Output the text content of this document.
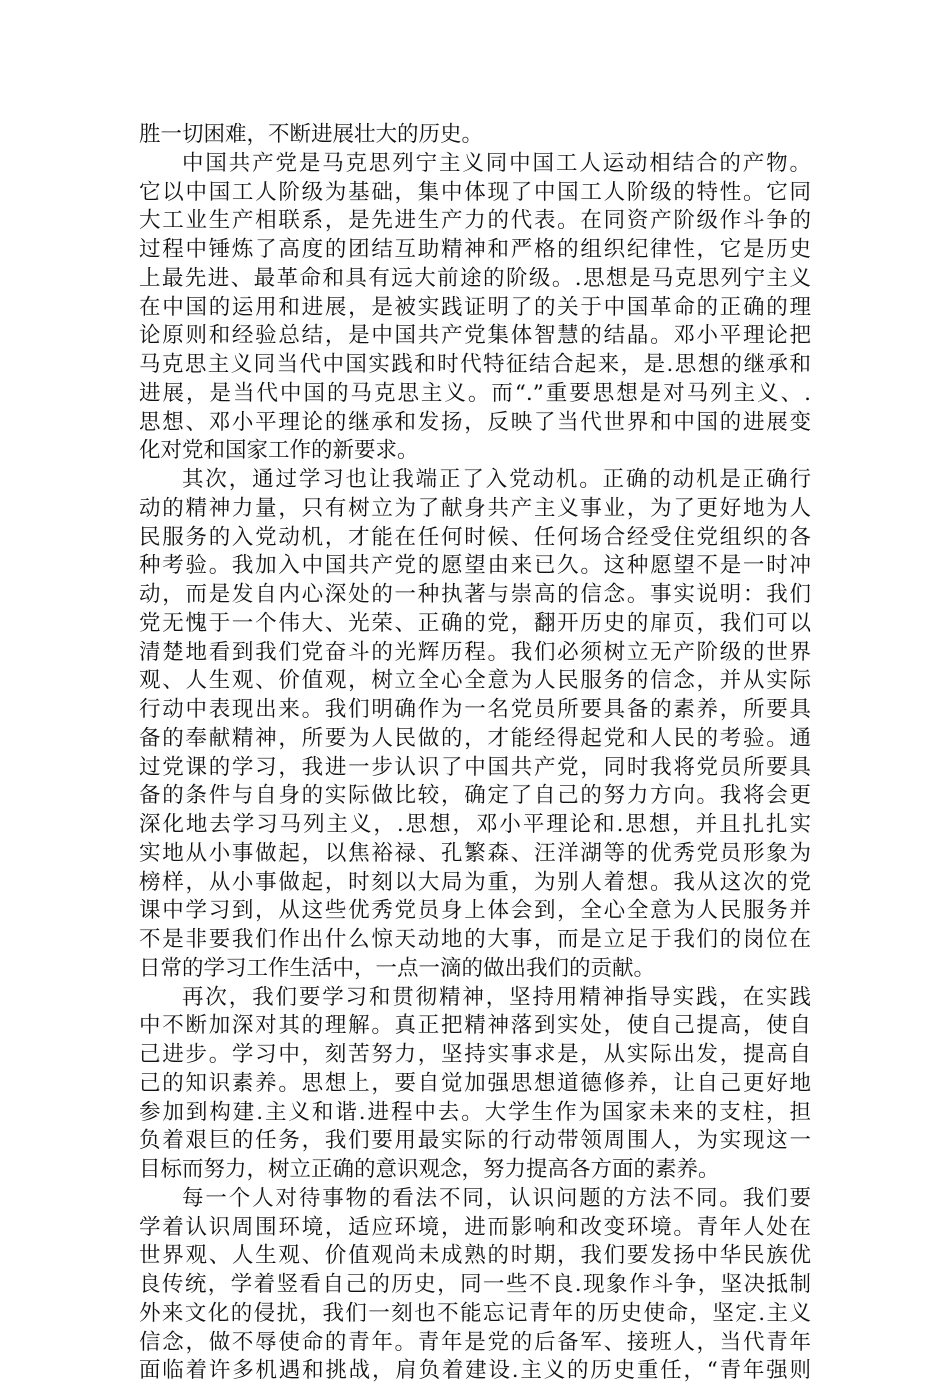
胜一切困难，不断进展壮大的历史。
中国共产党是马克思列宁主义同中国工人运动相结合的产物。
它以中国工人阶级为基础，集中体现了中国工人阶级的特性。它同
大工业生产相联系，是先进生产力的代表。在同资产阶级作斗争的
过程中锤炼了高度的团结互助精神和严格的组织纪律性，它是历史
上最先进、最革命和具有远大前途的阶级。.思想是马克思列宁主义
在中国的运用和进展，是被实践证明了的关于中国革命的正确的理
论原则和经验总结，是中国共产党集体智慧的结晶。邓小平理论把
马克思主义同当代中国实践和时代特征结合起来，是.思想的继承和
进展，是当代中国的马克思主义。而“.”重要思想是对马列主义、.
思想、邓小平理论的继承和发扬，反映了当代世界和中国的进展变
化对党和国家工作的新要求。
其次，通过学习也让我端正了入党动机。正确的动机是正确行
动的精神力量，只有树立为了献身共产主义事业，为了更好地为人
民服务的入党动机，才能在任何时候、任何场合经受住党组织的各
种考验。我加入中国共产党的愿望由来已久。这种愿望不是一时冲
动，而是发自内心深处的一种执著与崇高的信念。事实说明：我们
党无愧于一个伟大、光荣、正确的党，翻开历史的扉页，我们可以
清楚地看到我们党奋斗的光辉历程。我们必须树立无产阶级的世界
观、人生观、价值观，树立全心全意为人民服务的信念，并从实际
行动中表现出来。我们明确作为一名党员所要具备的素养，所要具
备的奉献精神，所要为人民做的，才能经得起党和人民的考验。通
过党课的学习，我进一步认识了中国共产党，同时我将党员所要具
备的条件与自身的实际做比较，确定了自己的努力方向。我将会更
深化地去学习马列主义，.思想，邓小平理论和.思想，并且扎扎实
实地从小事做起，以焦裕禄、孔繁森、汪洋湖等的优秀党员形象为
榜样，从小事做起，时刻以大局为重，为别人着想。我从这次的党
课中学习到，从这些优秀党员身上体会到，全心全意为人民服务并
不是非要我们作出什么惊天动地的大事，而是立足于我们的岗位在
日常的学习工作生活中，一点一滴的做出我们的贡献。
再次，我们要学习和贯彻精神，坚持用精神指导实践，在实践
中不断加深对其的理解。真正把精神落到实处，使自己提高，使自
己进步。学习中，刻苦努力，坚持实事求是，从实际出发，提高自
己的知识素养。思想上，要自觉加强思想道德修养，让自己更好地
参加到构建.主义和谐.进程中去。大学生作为国家未来的支柱，担
负着艰巨的任务，我们要用最实际的行动带领周围人，为实现这一
目标而努力，树立正确的意识观念，努力提高各方面的素养。
每一个人对待事物的看法不同，认识问题的方法不同。我们要
学着认识周围环境，适应环境，进而影响和改变环境。青年人处在
世界观、人生观、价值观尚未成熟的时期，我们要发扬中华民族优
良传统，学着竖看自己的历史，同一些不良.现象作斗争，坚决抵制
外来文化的侵扰，我们一刻也不能忘记青年的历史使命，坚定.主义
信念，做不辱使命的青年。青年是党的后备军、接班人，当代青年
面临着许多机遇和挑战，肩负着建设.主义的历史重任，“青年强则
